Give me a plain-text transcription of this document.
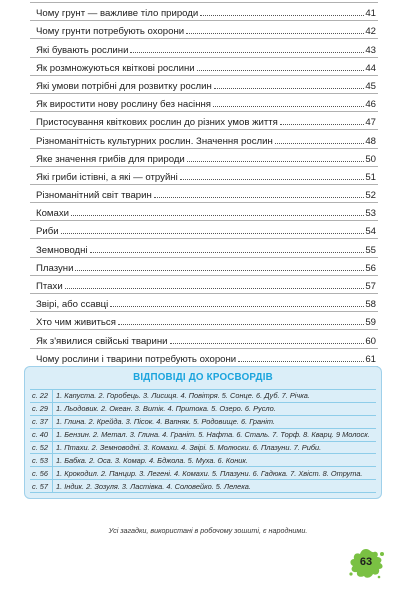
Чому грунт — важливе тіло природи	41
Чому грунти потребують охорони	42
Які бувають рослини	43
Як розмножуються квіткові рослини	44
Які умови потрібні для розвитку рослин	45
Як виростити нову рослину без насіння	46
Пристосування квіткових рослин до різних умов життя	47
Різноманітність культурних рослин. Значення рослин	48
Яке значення грибів для природи	50
Які гриби істівні, а які — отруйні	51
Різноманітний світ тварин	52
Комахи	53
Риби	54
Земноводні	55
Плазуни	56
Птахи	57
Звірі, або ссавці	58
Хто чим живиться	59
Як з'явилися свійські тварини	60
Чому рослини і тварини потребують охорони	61
ВІДПОВІДІ ДО КРОСВОРДІВ
с. 22	1. Капуста. 2. Горобець. 3. Лисиця. 4. Повітря. 5. Сонце. 6. Дуб. 7. Річка.
с. 29	1. Льодовик. 2. Океан. 3. Витік. 4. Притока. 5. Озеро. 6. Русло.
с. 37	1. Глина. 2. Крейда. 3. Пісок. 4. Вапняк. 5. Родовище. 6. Граніт.
с. 40	1. Бензин. 2. Метал. 3. Глина. 4. Граніт. 5. Нафта. 6. Сталь. 7. Торф. 8. Кварц. 9 Молоск.
с. 52	1. Птахи. 2. Земноводні. 3. Комахи. 4. Звірі. 5. Молюски. 6. Плазуни. 7. Риби.
с. 53	1. Бабка. 2. Оса. 3. Комар. 4. Бджола. 5. Муха. 6. Коник.
с. 56	1. Крокодил. 2. Панцир. 3. Легені. 4. Комахи. 5. Плазуни. 6. Гадюка. 7. Хвіст. 8. Отрута.
с. 57	1. Індик. 2. Зозуля. 3. Ластівка. 4. Соловейко. 5. Лелека.
Усі загадки, використані в робочому зошиті, є народними.
63
